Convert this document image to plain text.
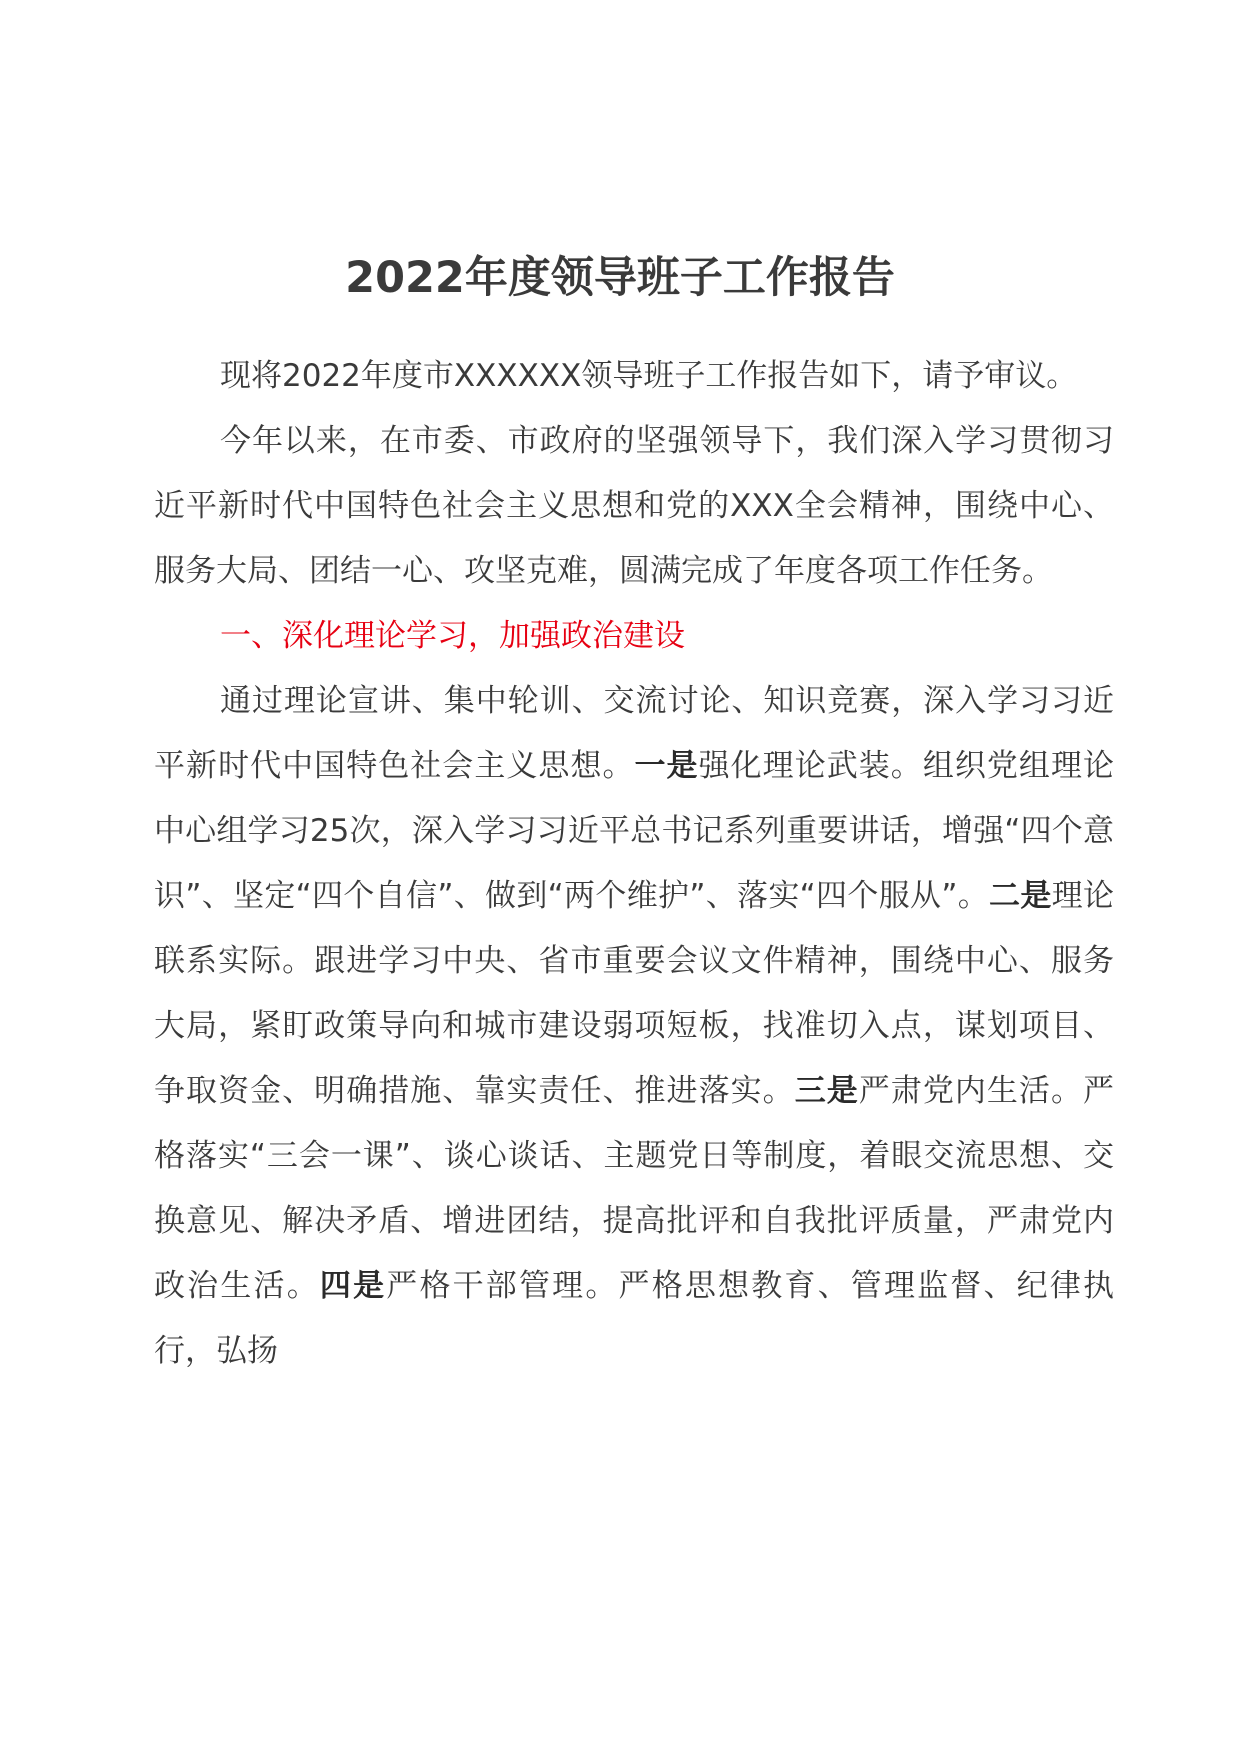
2022年度领导班子工作报告

现将2022年度市XXXXXX领导班子工作报告如下，请予审议。

今年以来，在市委、市政府的坚强领导下，我们深入学习贯彻习近平新时代中国特色社会主义思想和党的XXX全会精神，围绕中心、服务大局、团结一心、攻坚克难，圆满完成了年度各项工作任务。

一、深化理论学习，加强政治建设

通过理论宣讲、集中轮训、交流讨论、知识竞赛，深入学习习近平新时代中国特色社会主义思想。一是强化理论武装。组织党组理论中心组学习25次，深入学习习近平总书记系列重要讲话，增强“四个意识”、坚定“四个自信”、做到“两个维护”、落实“四个服从”。二是理论联系实际。跟进学习中央、省市重要会议文件精神，围绕中心、服务大局，紧盯政策导向和城市建设弱项短板，找准切入点，谋划项目、争取资金、明确措施、靠实责任、推进落实。三是严肃党内生活。严格落实“三会一课”、谈心谈话、主题党日等制度，着眼交流思想、交换意见、解决矛盾、增进团结，提高批评和自我批评质量，严肃党内政治生活。四是严格干部管理。严格思想教育、管理监督、纪律执行，弘扬
